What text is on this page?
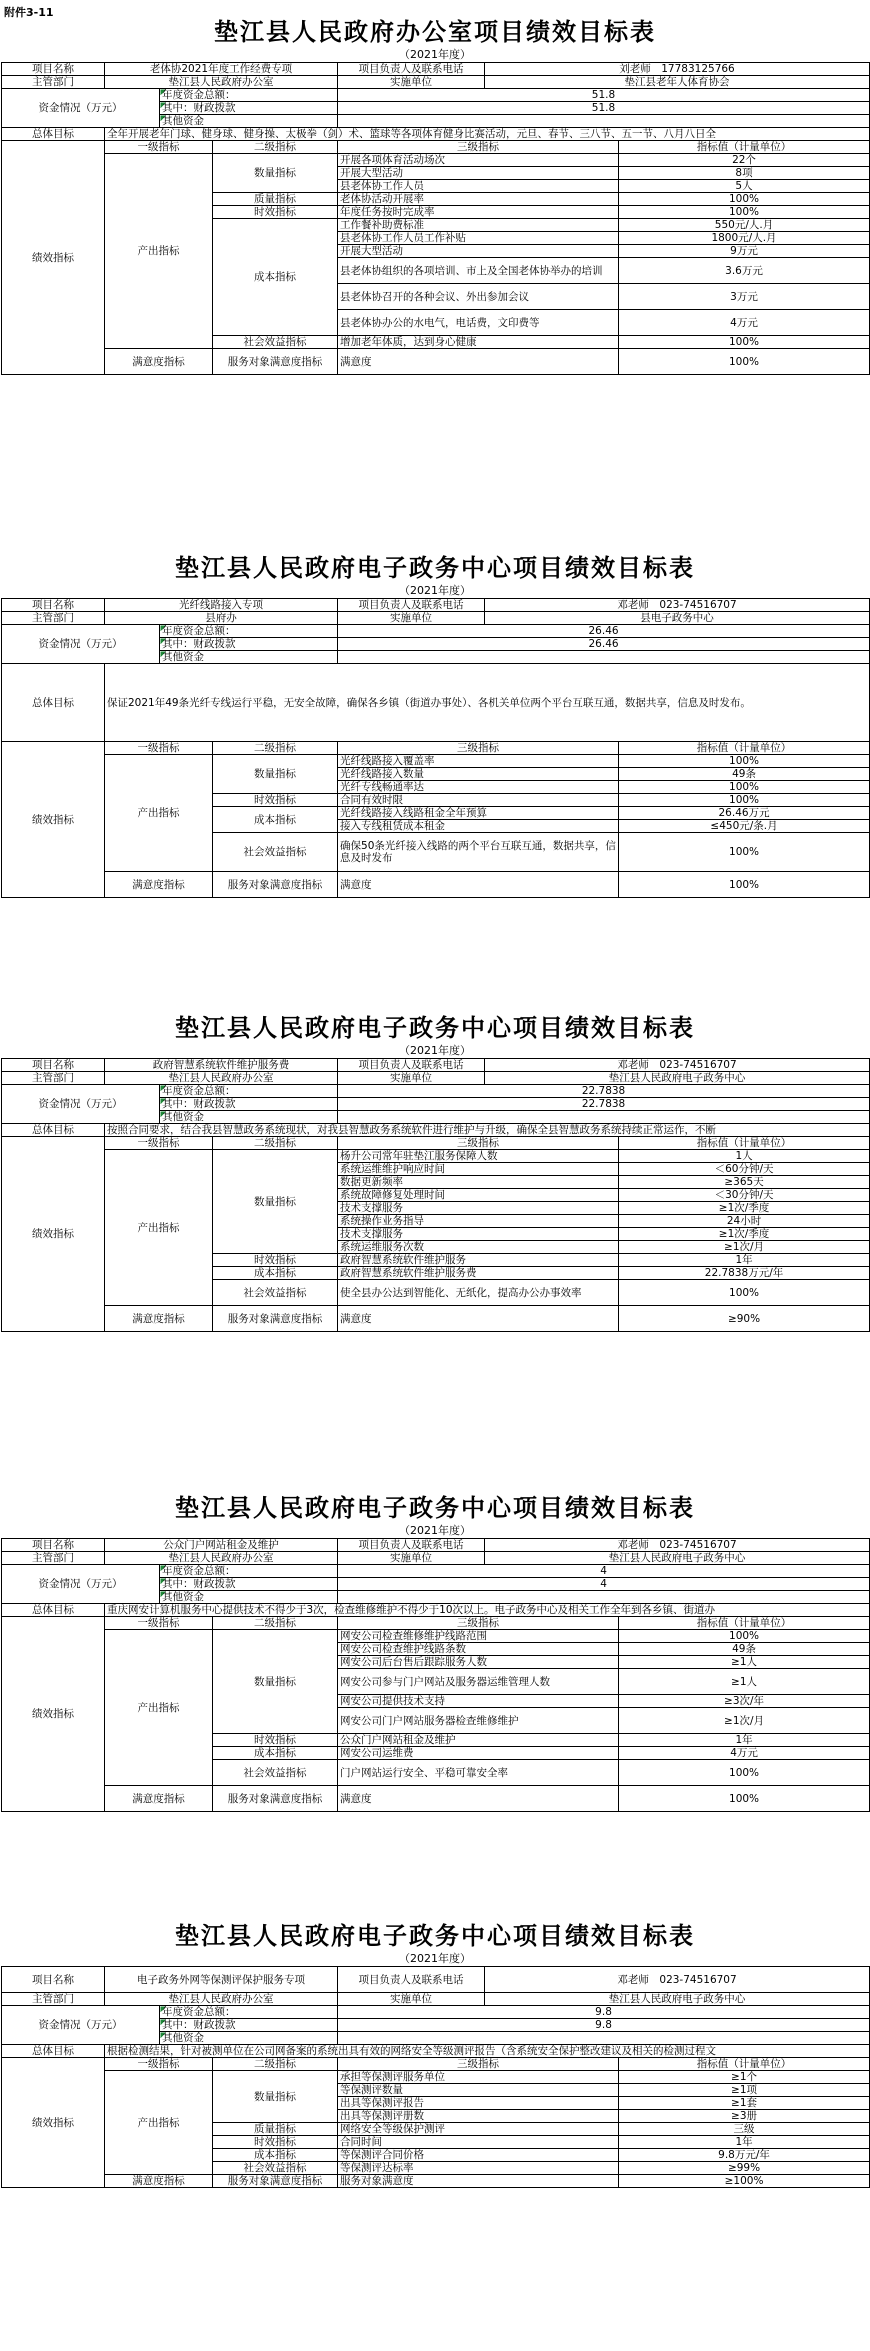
附件3-11
垫江县人民政府办公室项目绩效目标表
（2021年度）
项目名称	老体协2021年度工作经费专项			项目负责人及联系电话	刘老师　17783125766	
主管部门	垫江县人民政府办公室			实施单位	垫江县老年人体育协会	
资金情况（万元）		年度资金总额：		51.8		
		其中：财政拨款		51.8		
		其他资金				
总体目标	全年开展老年门球、健身球、健身操、太极拳（剑）术、篮球等各项体育健身比赛活动，元旦、春节、三八节、五一节、八月八日全					
绩效指标	一级指标		二级指标	三级指标		指标值（计量单位）
	产出指标		数量指标	开展各项体育活动场次		22个
				开展大型活动		8项
				县老体协工作人员		5人
			质量指标	老体协活动开展率		100%
			时效指标	年度任务按时完成率		100%
			成本指标	工作餐补助费标准		550元/人.月
				县老体协工作人员工作补贴		1800元/人.月
				开展大型活动		9万元
				县老体协组织的各项培训、市上及全国老体协举办的培训		3.6万元
				县老体协召开的各种会议、外出参加会议		3万元
				县老体协办公的水电气，电话费，文印费等		4万元
			社会效益指标	增加老年体质，达到身心健康		100%
	满意度指标		服务对象满意度指标	满意度		100%
垫江县人民政府电子政务中心项目绩效目标表
（2021年度）
项目名称	光纤线路接入专项			项目负责人及联系电话	邓老师　023-74516707	
主管部门	县府办			实施单位	县电子政务中心	
资金情况（万元）		年度资金总额：		26.46		
		其中：财政拨款		26.46		
		其他资金				
总体目标	保证2021年49条光纤专线运行平稳，无安全故障，确保各乡镇（街道办事处）、各机关单位两个平台互联互通，数据共享，信息及时发布。					
绩效指标	一级指标		二级指标	三级指标		指标值（计量单位）
	产出指标		数量指标	光纤线路接入覆盖率		100%
				光纤线路接入数量		49条
				光纤专线畅通率达		100%
			时效指标	合同有效时限		100%
			成本指标	光纤线路接入线路租金全年预算		26.46万元
				接入专线租赁成本租金		≤450元/条.月
			社会效益指标	确保50条光纤接入线路的两个平台互联互通，数据共享，信息及时发布		100%
	满意度指标		服务对象满意度指标	满意度		100%
垫江县人民政府电子政务中心项目绩效目标表
（2021年度）
项目名称	政府智慧系统软件维护服务费			项目负责人及联系电话	邓老师　023-74516707	
主管部门	垫江县人民政府办公室			实施单位	垫江县人民政府电子政务中心	
资金情况（万元）		年度资金总额：		22.7838		
		其中：财政拨款		22.7838		
		其他资金				
总体目标	按照合同要求，结合我县智慧政务系统现状，对我县智慧政务系统软件进行维护与升级，确保全县智慧政务系统持续正常运作，不断					
绩效指标	一级指标		二级指标	三级指标		指标值（计量单位）
	产出指标		数量指标	杨升公司常年驻垫江服务保障人数		1人
				系统运维维护响应时间		＜60分钟/天
				数据更新频率		≥365天
				系统故障修复处理时间		＜30分钟/天
				技术支撑服务		≥1次/季度
				系统操作业务指导		24小时
				技术支撑服务		≥1次/季度
				系统运维服务次数		≥1次/月
			时效指标	政府智慧系统软件维护服务		1年
			成本指标	政府智慧系统软件维护服务费		22.7838万元/年
			社会效益指标	使全县办公达到智能化、无纸化，提高办公办事效率		100%
	满意度指标		服务对象满意度指标	满意度		≥90%
垫江县人民政府电子政务中心项目绩效目标表
（2021年度）
项目名称	公众门户网站租金及维护			项目负责人及联系电话	邓老师　023-74516707	
主管部门	垫江县人民政府办公室			实施单位	垫江县人民政府电子政务中心	
资金情况（万元）		年度资金总额：		4		
		其中：财政拨款		4		
		其他资金				
总体目标	重庆网安计算机服务中心提供技术不得少于3次，检查维修维护不得少于10次以上。电子政务中心及相关工作全年到各乡镇、街道办					
绩效指标	一级指标		二级指标	三级指标		指标值（计量单位）
	产出指标		数量指标	网安公司检查维修维护线路范围		100%
				网安公司检查维护线路条数		49条
				网安公司后台售后跟踪服务人数		≥1人
				网安公司参与门户网站及服务器运维管理人数		≥1人
				网安公司提供技术支持		≥3次/年
				网安公司门户网站服务器检查维修维护		≥1次/月
			时效指标	公众门户网站租金及维护		1年
			成本指标	网安公司运维费		4万元
			社会效益指标	门户网站运行安全、平稳可靠安全率		100%
	满意度指标		服务对象满意度指标	满意度		100%
垫江县人民政府电子政务中心项目绩效目标表
（2021年度）
项目名称	电子政务外网等保测评保护服务专项			项目负责人及联系电话	邓老师　023-74516707	
主管部门	垫江县人民政府办公室			实施单位	垫江县人民政府电子政务中心	
资金情况（万元）		年度资金总额：		9.8		
		其中：财政拨款		9.8		
		其他资金				
总体目标	根据检测结果，针对被测单位在公司网备案的系统出具有效的网络安全等级测评报告（含系统安全保护整改建议及相关的检测过程文					
绩效指标	一级指标		二级指标	三级指标		指标值（计量单位）
	产出指标		数量指标	承担等保测评服务单位		≥1个
				等保测评数量		≥1项
				出具等保测评报告		≥1套
				出具等保测评册数		≥3册
			质量指标	网络安全等级保护测评		三级
			时效指标	合同时间		1年
			成本指标	等保测评合同价格		9.8万元/年
			社会效益指标	等保测评达标率		≥99%
	满意度指标		服务对象满意度指标	服务对象满意度		≥100%
